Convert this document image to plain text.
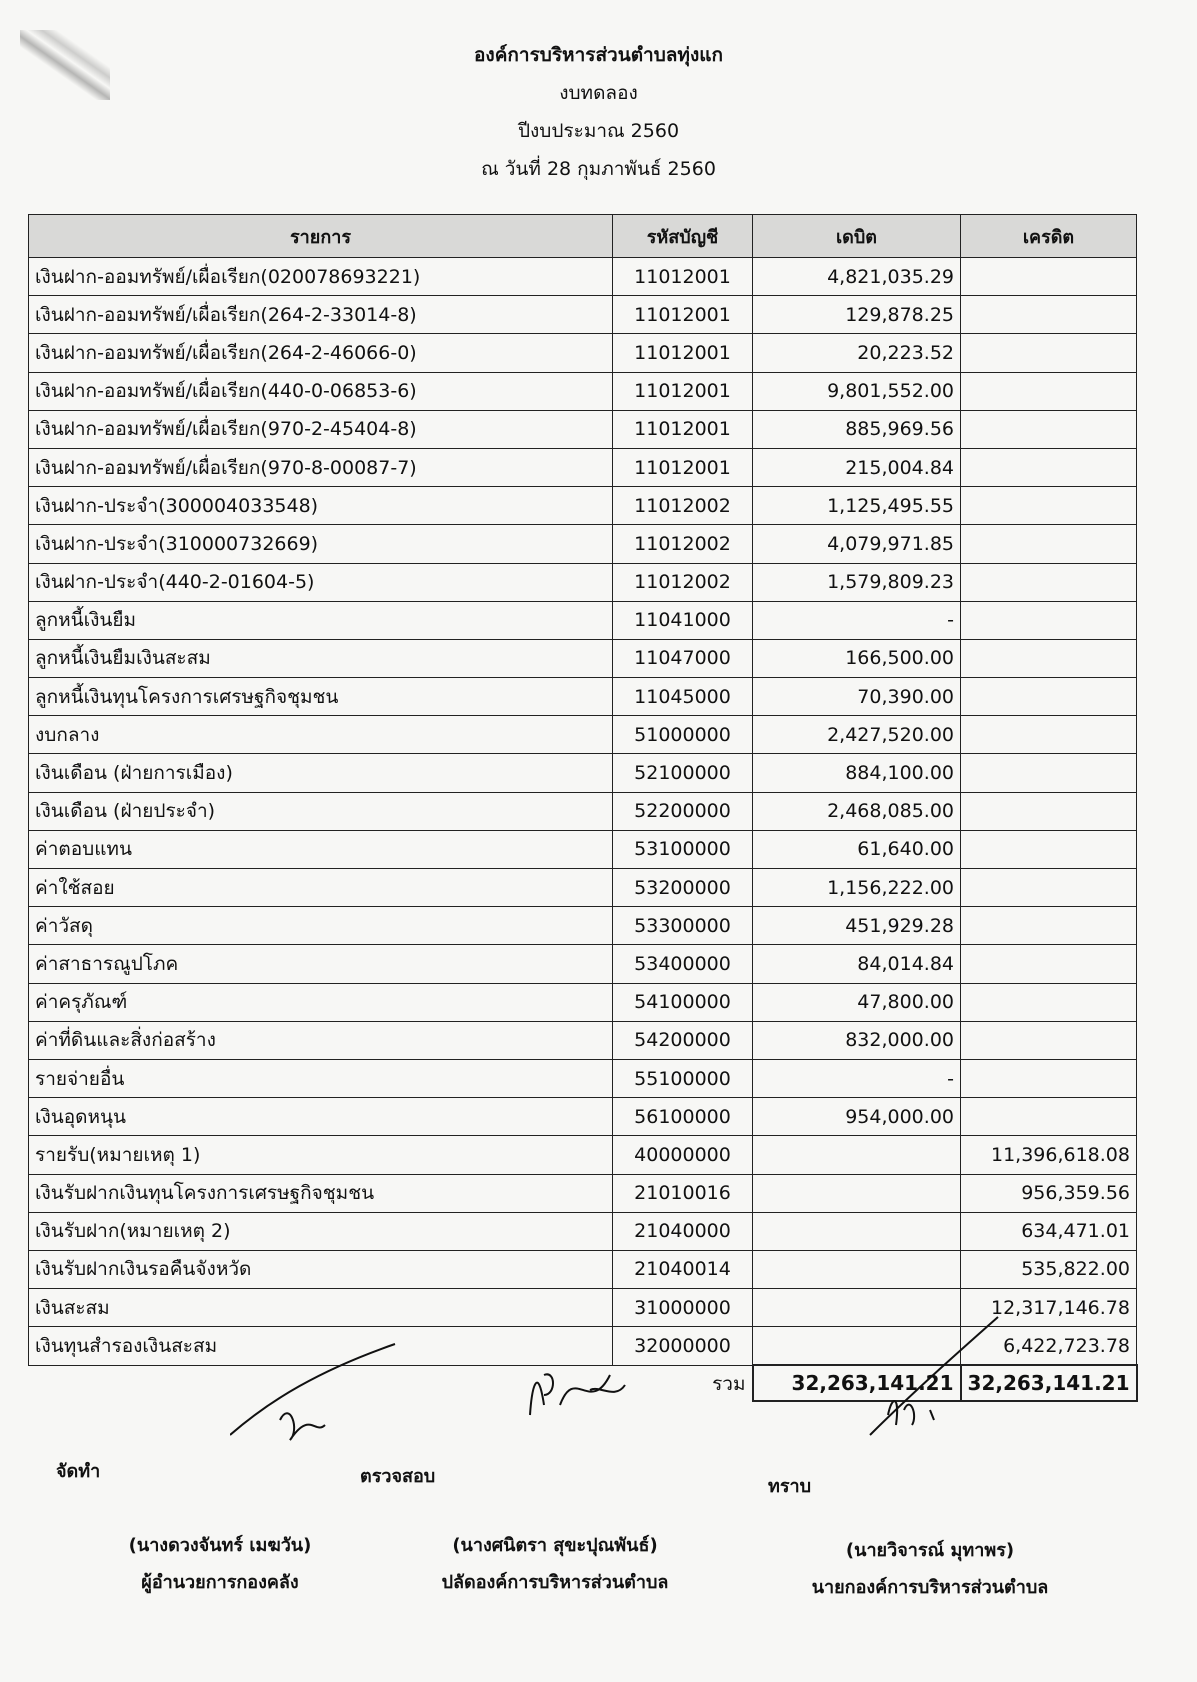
องค์การบริหารส่วนตำบลทุ่งแก
งบทดลอง
ปีงบประมาณ 2560
ณ วันที่ 28 กุมภาพันธ์ 2560
รายการ	รหัสบัญชี	เดบิต	เครดิต
เงินฝาก-ออมทรัพย์/เผื่อเรียก(020078693221)	11012001	4,821,035.29	
เงินฝาก-ออมทรัพย์/เผื่อเรียก(264-2-33014-8)	11012001	129,878.25	
เงินฝาก-ออมทรัพย์/เผื่อเรียก(264-2-46066-0)	11012001	20,223.52	
เงินฝาก-ออมทรัพย์/เผื่อเรียก(440-0-06853-6)	11012001	9,801,552.00	
เงินฝาก-ออมทรัพย์/เผื่อเรียก(970-2-45404-8)	11012001	885,969.56	
เงินฝาก-ออมทรัพย์/เผื่อเรียก(970-8-00087-7)	11012001	215,004.84	
เงินฝาก-ประจำ(300004033548)	11012002	1,125,495.55	
เงินฝาก-ประจำ(310000732669)	11012002	4,079,971.85	
เงินฝาก-ประจำ(440-2-01604-5)	11012002	1,579,809.23	
ลูกหนี้เงินยืม	11041000	-	
ลูกหนี้เงินยืมเงินสะสม	11047000	166,500.00	
ลูกหนี้เงินทุนโครงการเศรษฐกิจชุมชน	11045000	70,390.00	
งบกลาง	51000000	2,427,520.00	
เงินเดือน (ฝ่ายการเมือง)	52100000	884,100.00	
เงินเดือน (ฝ่ายประจำ)	52200000	2,468,085.00	
ค่าตอบแทน	53100000	61,640.00	
ค่าใช้สอย	53200000	1,156,222.00	
ค่าวัสดุ	53300000	451,929.28	
ค่าสาธารณูปโภค	53400000	84,014.84	
ค่าครุภัณฑ์	54100000	47,800.00	
ค่าที่ดินและสิ่งก่อสร้าง	54200000	832,000.00	
รายจ่ายอื่น	55100000	-	
เงินอุดหนุน	56100000	954,000.00	
รายรับ(หมายเหตุ 1)	40000000		11,396,618.08
เงินรับฝากเงินทุนโครงการเศรษฐกิจชุมชน	21010016		956,359.56
เงินรับฝาก(หมายเหตุ 2)	21040000		634,471.01
เงินรับฝากเงินรอคืนจังหวัด	21040014		535,822.00
เงินสะสม	31000000		12,317,146.78
เงินทุนสำรองเงินสะสม	32000000		6,422,723.78
	รวม	32,263,141.21	32,263,141.21
จัดทำ	ตรวจสอบ	ทราบ
(นางดวงจันทร์ เมฆวัน)
ผู้อำนวยการกองคลัง
(นางศนิตรา สุขะปุณพันธ์)
ปลัดองค์การบริหารส่วนตำบล
(นายวิจารณ์ มุทาพร)
นายกองค์การบริหารส่วนตำบล
